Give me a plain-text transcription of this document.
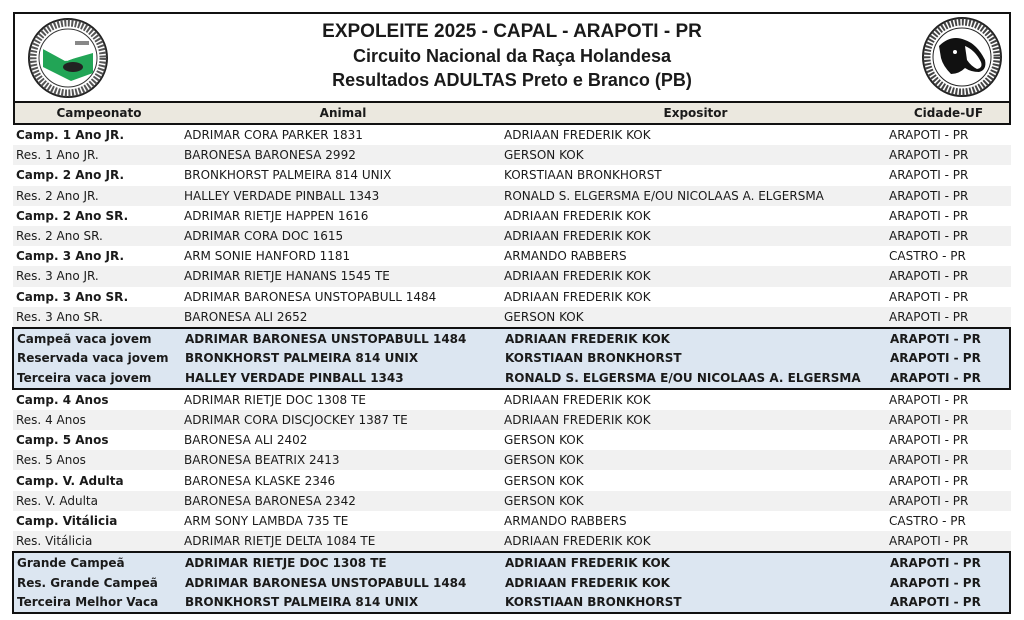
EXPOLEITE 2025 - CAPAL - ARAPOTI - PR
Circuito Nacional da Raça Holandesa
Resultados ADULTAS Preto e Branco (PB)
Campeonato	Animal	Expositor	Cidade-UF
Camp. 1 Ano JR.	ADRIMAR CORA PARKER 1831	ADRIAAN FREDERIK KOK	ARAPOTI - PR
Res. 1 Ano JR.	BARONESA BARONESA 2992	GERSON KOK	ARAPOTI - PR
Camp. 2 Ano JR.	BRONKHORST PALMEIRA 814 UNIX	KORSTIAAN BRONKHORST	ARAPOTI - PR
Res. 2 Ano JR.	HALLEY VERDADE PINBALL 1343	RONALD S. ELGERSMA E/OU NICOLAAS A. ELGERSMA	ARAPOTI - PR
Camp. 2 Ano SR.	ADRIMAR RIETJE HAPPEN 1616	ADRIAAN FREDERIK KOK	ARAPOTI - PR
Res. 2 Ano SR.	ADRIMAR CORA DOC 1615	ADRIAAN FREDERIK KOK	ARAPOTI - PR
Camp. 3 Ano JR.	ARM SONIE HANFORD 1181	ARMANDO RABBERS	CASTRO - PR
Res. 3 Ano JR.	ADRIMAR RIETJE HANANS 1545 TE	ADRIAAN FREDERIK KOK	ARAPOTI - PR
Camp. 3 Ano SR.	ADRIMAR BARONESA UNSTOPABULL 1484	ADRIAAN FREDERIK KOK	ARAPOTI - PR
Res. 3 Ano SR.	BARONESA ALI 2652	GERSON KOK	ARAPOTI - PR
Campeã vaca jovem	ADRIMAR BARONESA UNSTOPABULL 1484	ADRIAAN FREDERIK KOK	ARAPOTI - PR
Reservada vaca jovem	BRONKHORST PALMEIRA 814 UNIX	KORSTIAAN BRONKHORST	ARAPOTI - PR
Terceira vaca jovem	HALLEY VERDADE PINBALL 1343	RONALD S. ELGERSMA E/OU NICOLAAS A. ELGERSMA	ARAPOTI - PR
Camp. 4 Anos	ADRIMAR RIETJE DOC 1308 TE	ADRIAAN FREDERIK KOK	ARAPOTI - PR
Res. 4 Anos	ADRIMAR CORA DISCJOCKEY 1387 TE	ADRIAAN FREDERIK KOK	ARAPOTI - PR
Camp. 5 Anos	BARONESA ALI 2402	GERSON KOK	ARAPOTI - PR
Res. 5 Anos	BARONESA BEATRIX 2413	GERSON KOK	ARAPOTI - PR
Camp. V. Adulta	BARONESA KLASKE 2346	GERSON KOK	ARAPOTI - PR
Res. V. Adulta	BARONESA BARONESA 2342	GERSON KOK	ARAPOTI - PR
Camp. Vitálicia	ARM SONY LAMBDA 735 TE	ARMANDO RABBERS	CASTRO - PR
Res. Vitálicia	ADRIMAR RIETJE DELTA 1084 TE	ADRIAAN FREDERIK KOK	ARAPOTI - PR
Grande Campeã	ADRIMAR RIETJE DOC 1308 TE	ADRIAAN FREDERIK KOK	ARAPOTI - PR
Res. Grande Campeã	ADRIMAR BARONESA UNSTOPABULL 1484	ADRIAAN FREDERIK KOK	ARAPOTI - PR
Terceira Melhor Vaca	BRONKHORST PALMEIRA 814 UNIX	KORSTIAAN BRONKHORST	ARAPOTI - PR
